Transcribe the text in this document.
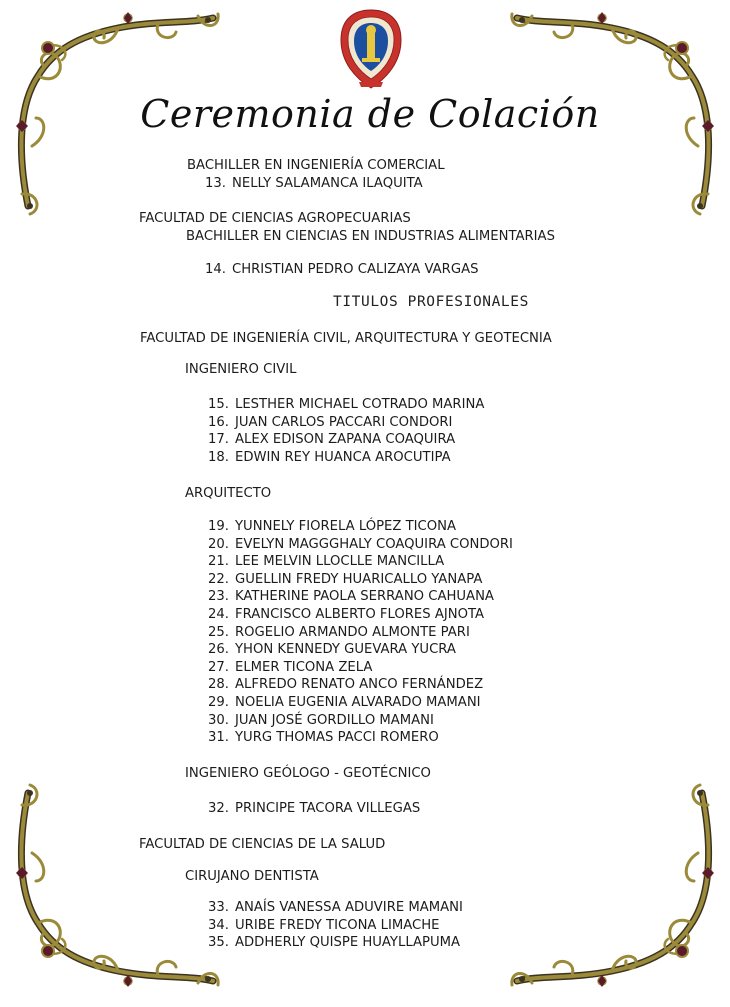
Ceremonia de Colación
BACHILLER EN INGENIERÍA COMERCIAL
13. NELLY SALAMANCA ILAQUITA
FACULTAD DE CIENCIAS AGROPECUARIAS
BACHILLER EN CIENCIAS EN INDUSTRIAS ALIMENTARIAS
14. CHRISTIAN PEDRO CALIZAYA VARGAS
TITULOS PROFESIONALES
FACULTAD DE INGENIERÍA CIVIL, ARQUITECTURA Y GEOTECNIA
INGENIERO CIVIL
15. LESTHER MICHAEL COTRADO MARINA
16. JUAN CARLOS PACCARI CONDORI
17. ALEX EDISON ZAPANA COAQUIRA
18. EDWIN REY HUANCA AROCUTIPA
ARQUITECTO
19. YUNNELY FIORELA LÓPEZ TICONA
20. EVELYN MAGGGHALY COAQUIRA CONDORI
21. LEE MELVIN LLOCLLE MANCILLA
22. GUELLIN FREDY HUARICALLO YANAPA
23. KATHERINE PAOLA SERRANO CAHUANA
24. FRANCISCO ALBERTO FLORES AJNOTA
25. ROGELIO ARMANDO ALMONTE PARI
26. YHON KENNEDY GUEVARA YUCRA
27. ELMER TICONA ZELA
28. ALFREDO RENATO ANCO FERNÁNDEZ
29. NOELIA EUGENIA ALVARADO MAMANI
30. JUAN JOSÉ GORDILLO MAMANI
31. YURG THOMAS PACCI ROMERO
INGENIERO GEÓLOGO - GEOTÉCNICO
32. PRINCIPE TACORA VILLEGAS
FACULTAD DE CIENCIAS DE LA SALUD
CIRUJANO DENTISTA
33. ANAÍS VANESSA ADUVIRE MAMANI
34. URIBE FREDY TICONA LIMACHE
35. ADDHERLY QUISPE HUAYLLAPUMA
